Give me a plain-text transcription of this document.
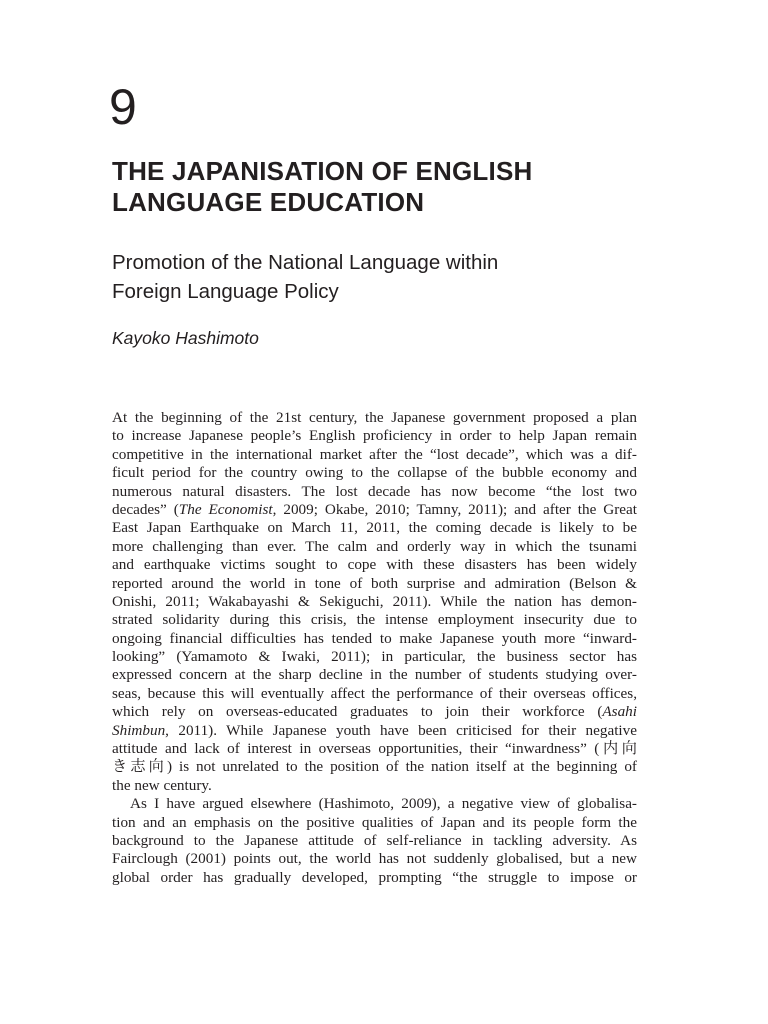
9
THE JAPANISATION OF ENGLISH
LANGUAGE EDUCATION
Promotion of the National Language within
Foreign Language Policy
Kayoko Hashimoto
At the beginning of the 21st century, the Japanese government proposed a plan
to increase Japanese people’s English proficiency in order to help Japan remain
competitive in the international market after the “lost decade”, which was a dif-
ficult period for the country owing to the collapse of the bubble economy and
numerous natural disasters. The lost decade has now become “the lost two
decades” (The Economist, 2009; Okabe, 2010; Tamny, 2011); and after the Great
East Japan Earthquake on March 11, 2011, the coming decade is likely to be
more challenging than ever. The calm and orderly way in which the tsunami
and earthquake victims sought to cope with these disasters has been widely
reported around the world in tone of both surprise and admiration (Belson &
Onishi, 2011; Wakabayashi & Sekiguchi, 2011). While the nation has demon-
strated solidarity during this crisis, the intense employment insecurity due to
ongoing financial difficulties has tended to make Japanese youth more “inward-
looking” (Yamamoto & Iwaki, 2011); in particular, the business sector has
expressed concern at the sharp decline in the number of students studying over-
seas, because this will eventually affect the performance of their overseas offices,
which rely on overseas-educated graduates to join their workforce (Asahi
Shimbun, 2011). While Japanese youth have been criticised for their negative
attitude and lack of interest in overseas opportunities, their “inwardness” (内向
き志向) is not unrelated to the position of the nation itself at the beginning of
the new century.
As I have argued elsewhere (Hashimoto, 2009), a negative view of globalisa-
tion and an emphasis on the positive qualities of Japan and its people form the
background to the Japanese attitude of self-reliance in tackling adversity. As
Fairclough (2001) points out, the world has not suddenly globalised, but a new
global order has gradually developed, prompting “the struggle to impose or
